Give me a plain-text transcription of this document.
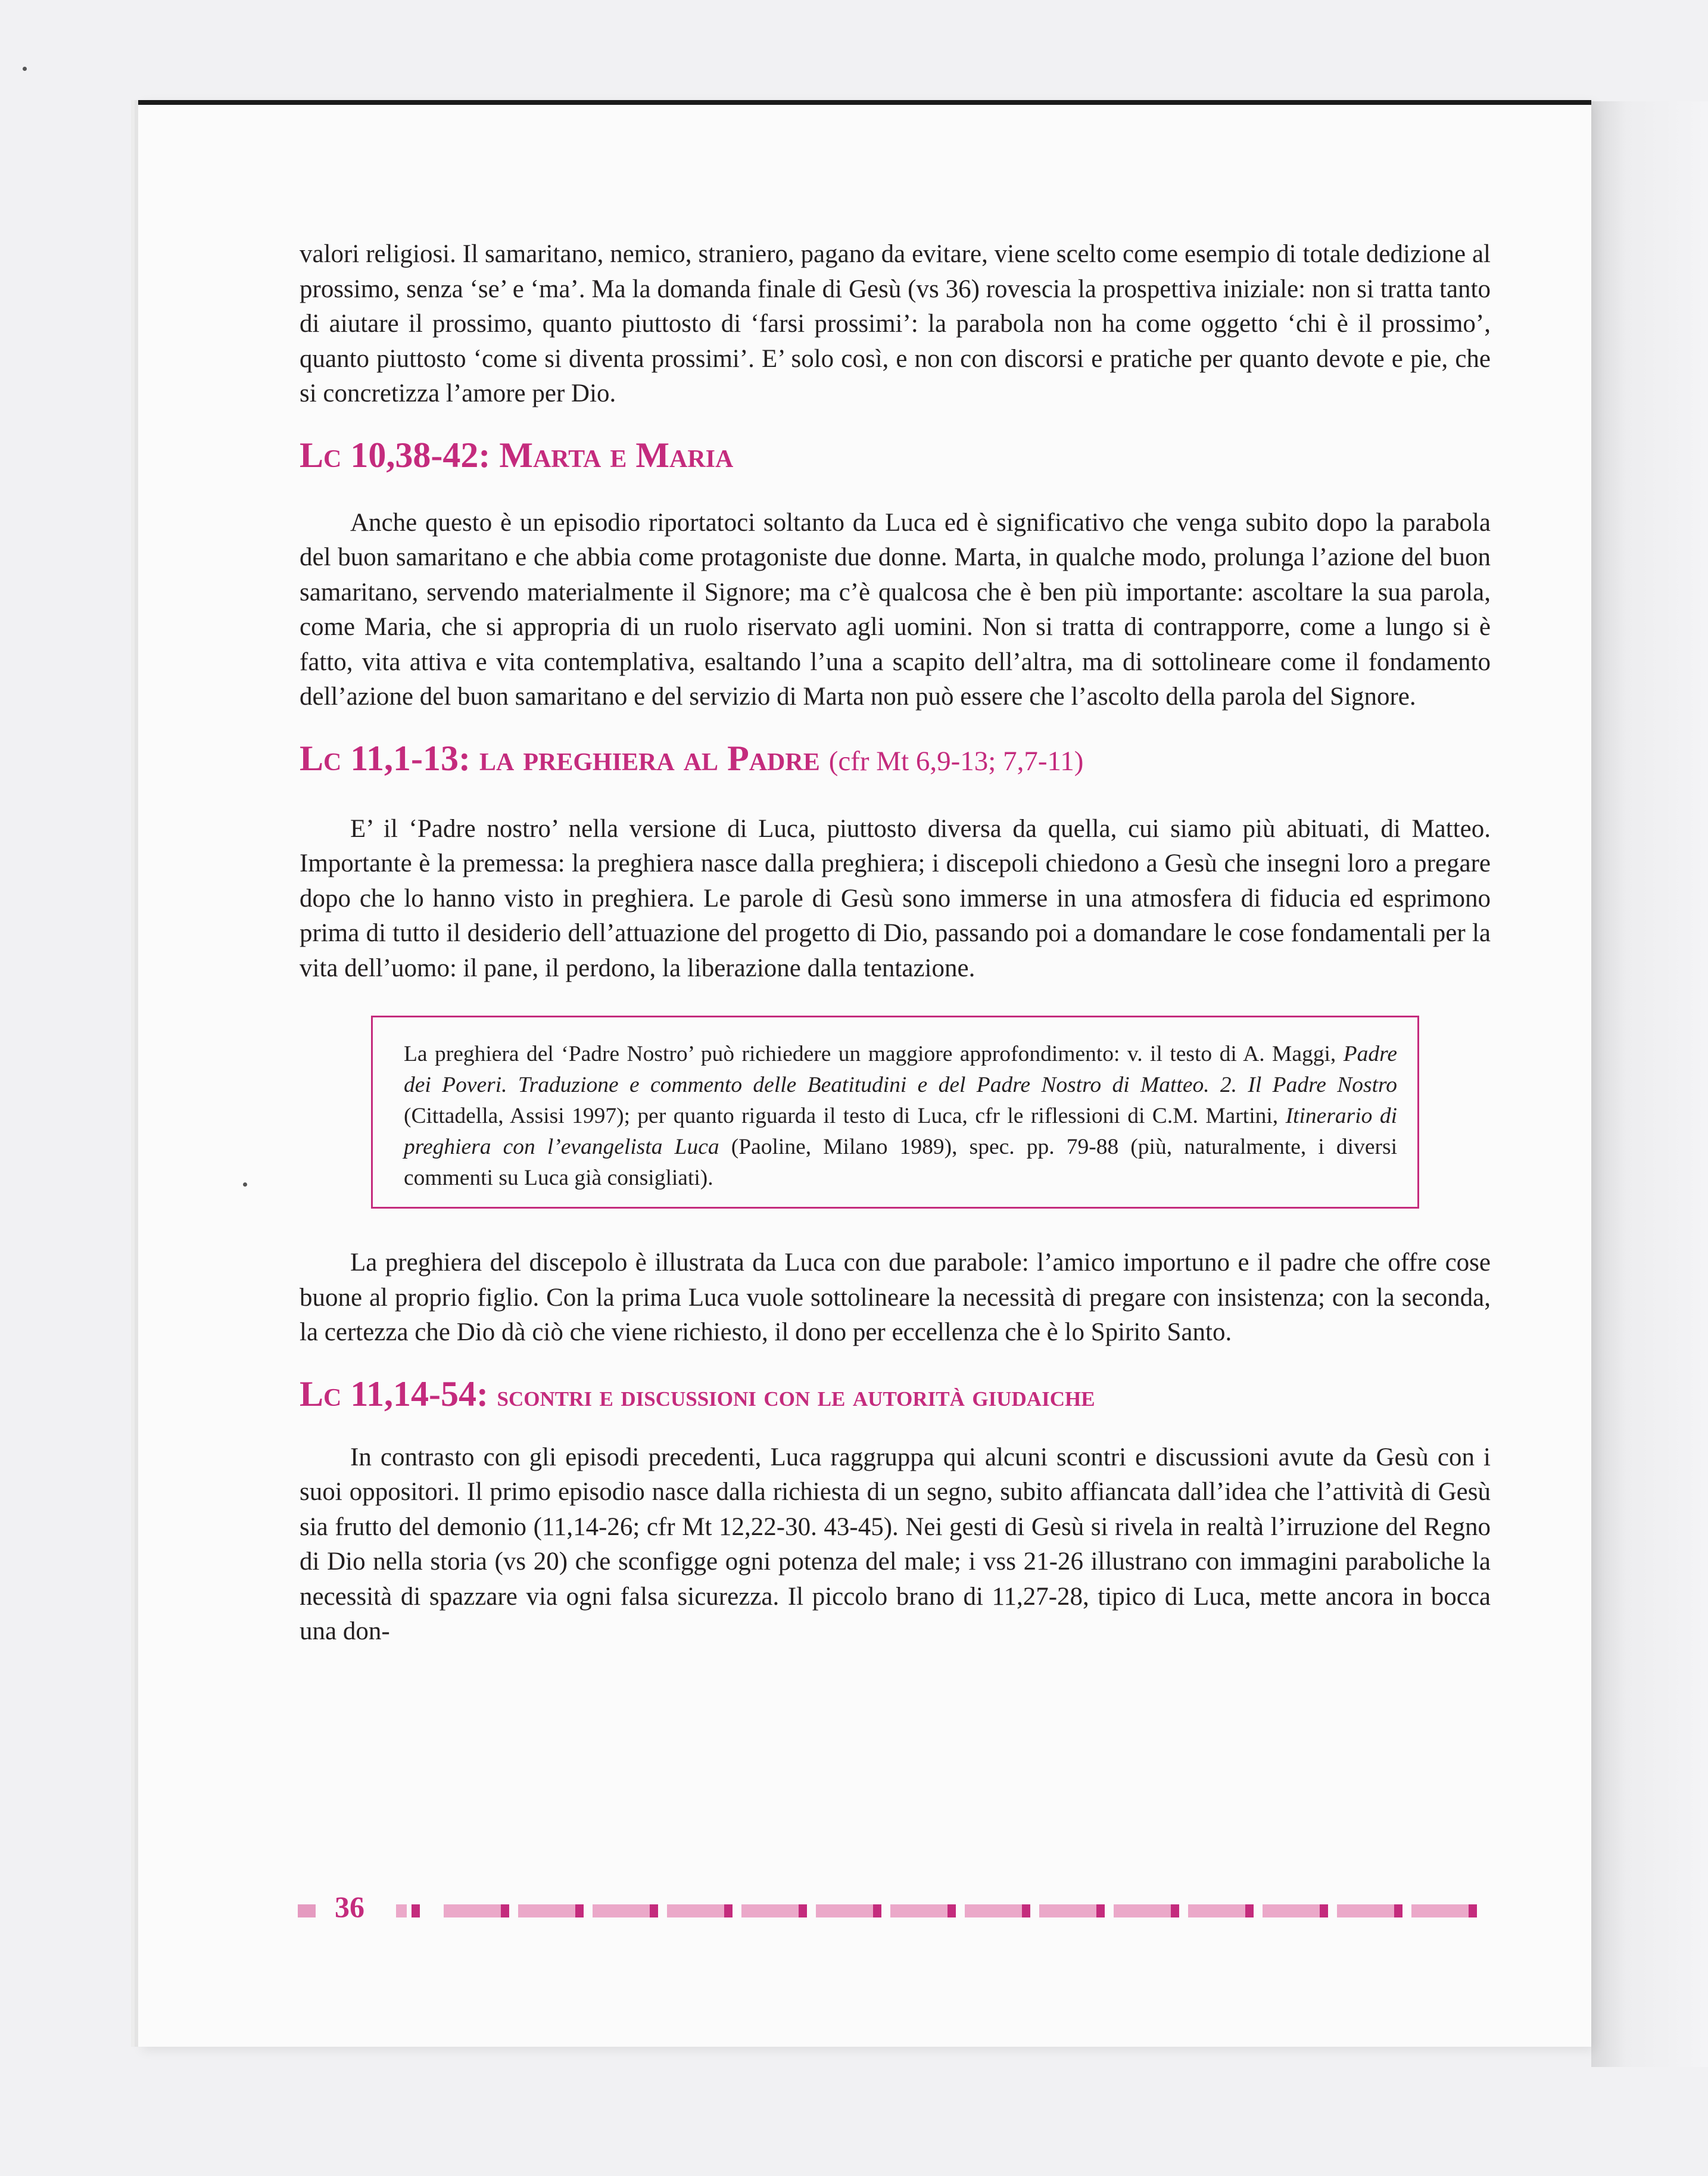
valori religiosi. Il samaritano, nemico, straniero, pagano da evitare, viene scelto come esempio di totale dedizione al prossimo, senza ‘se’ e ‘ma’. Ma la domanda finale di Gesù (vs 36) rovescia la prospettiva iniziale: non si tratta tanto di aiutare il prossimo, quanto piuttosto di ‘farsi prossimi’: la parabola non ha come oggetto ‘chi è il prossimo’, quanto piuttosto ‘come si diventa prossimi’. E’ solo così, e non con discorsi e pratiche per quanto devote e pie, che si concretizza l’amore per Dio.

Lc 10,38-42: Marta e Maria

Anche questo è un episodio riportatoci soltanto da Luca ed è significativo che venga subito dopo la parabola del buon samaritano e che abbia come protagoniste due donne. Marta, in qualche modo, prolunga l’azione del buon samaritano, servendo materialmente il Signore; ma c’è qualcosa che è ben più importante: ascoltare la sua parola, come Maria, che si appropria di un ruolo riservato agli uomini. Non si tratta di contrapporre, come a lungo si è fatto, vita attiva e vita contemplativa, esaltando l’una a scapito dell’altra, ma di sottolineare come il fondamento dell’azione del buon samaritano e del servizio di Marta non può essere che l’ascolto della parola del Signore.

Lc 11,1-13: la preghiera al Padre (cfr Mt 6,9-13; 7,7-11)

E’ il ‘Padre nostro’ nella versione di Luca, piuttosto diversa da quella, cui siamo più abituati, di Matteo. Importante è la premessa: la preghiera nasce dalla preghiera; i discepoli chiedono a Gesù che insegni loro a pregare dopo che lo hanno visto in preghiera. Le parole di Gesù sono immerse in una atmosfera di fiducia ed esprimono prima di tutto il desiderio dell’attuazione del progetto di Dio, passando poi a domandare le cose fondamentali per la vita dell’uomo: il pane, il perdono, la liberazione dalla tentazione.

La preghiera del ‘Padre Nostro’ può richiedere un maggiore approfondimento: v. il testo di A. Maggi, Padre dei Poveri. Traduzione e commento delle Beatitudini e del Padre Nostro di Matteo. 2. Il Padre Nostro (Cittadella, Assisi 1997); per quanto riguarda il testo di Luca, cfr le riflessioni di C.M. Martini, Itinerario di preghiera con l’evangelista Luca (Paoline, Milano 1989), spec. pp. 79-88 (più, naturalmente, i diversi commenti su Luca già consigliati).

La preghiera del discepolo è illustrata da Luca con due parabole: l’amico importuno e il padre che offre cose buone al proprio figlio. Con la prima Luca vuole sottolineare la necessità di pregare con insistenza; con la seconda, la certezza che Dio dà ciò che viene richiesto, il dono per eccellenza che è lo Spirito Santo.

Lc 11,14-54: scontri e discussioni con le autorità giudaiche

In contrasto con gli episodi precedenti, Luca raggruppa qui alcuni scontri e discussioni avute da Gesù con i suoi oppositori. Il primo episodio nasce dalla richiesta di un segno, subito affiancata dall’idea che l’attività di Gesù sia frutto del demonio (11,14-26; cfr Mt 12,22-30. 43-45). Nei gesti di Gesù si rivela in realtà l’irruzione del Regno di Dio nella storia (vs 20) che sconfigge ogni potenza del male; i vss 21-26 illustrano con immagini paraboliche la necessità di spazzare via ogni falsa sicurezza. Il piccolo brano di 11,27-28, tipico di Luca, mette ancora in bocca una don-

36
